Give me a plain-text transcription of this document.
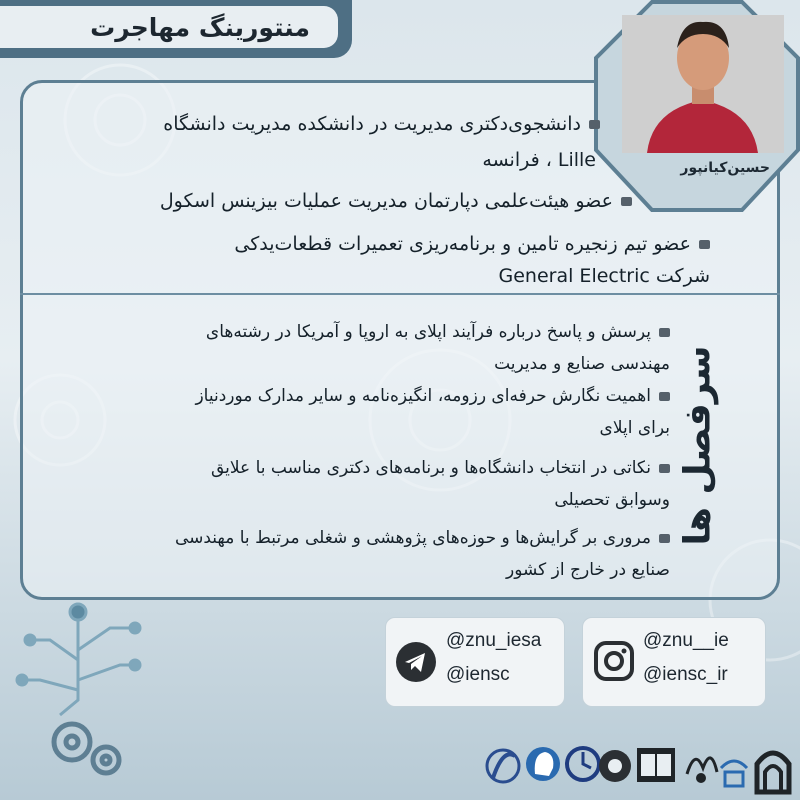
منتورینگ مهاجرت
حسین‌کیانپور
دانشجوی‌دکتری مدیریت در دانشکده مدیریت دانشگاه
Lille ، فرانسه
عضو هیئت‌علمی دپارتمان مدیریت عملیات بیزینس اسکول
عضو تیم زنجیره تامین و برنامه‌ریزی تعمیرات قطعات‌یدکی
شرکت General Electric
پرسش و پاسخ درباره فرآیند اپلای به اروپا و آمریکا در رشته‌های
مهندسی صنایع و مدیریت
اهمیت نگارش حرفه‌ای رزومه، انگیزه‌نامه و سایر مدارک موردنیاز
برای اپلای
نکاتی در انتخاب دانشگاه‌ها و برنامه‌های دکتری مناسب با علایق
وسوابق تحصیلی
مروری بر گرایش‌ها و حوزه‌های پژوهشی و شغلی مرتبط با مهندسی
صنایع در خارج از کشور
سرفصل ها
@znu_iesa
@iensc
@znu__ie
@iensc_ir
